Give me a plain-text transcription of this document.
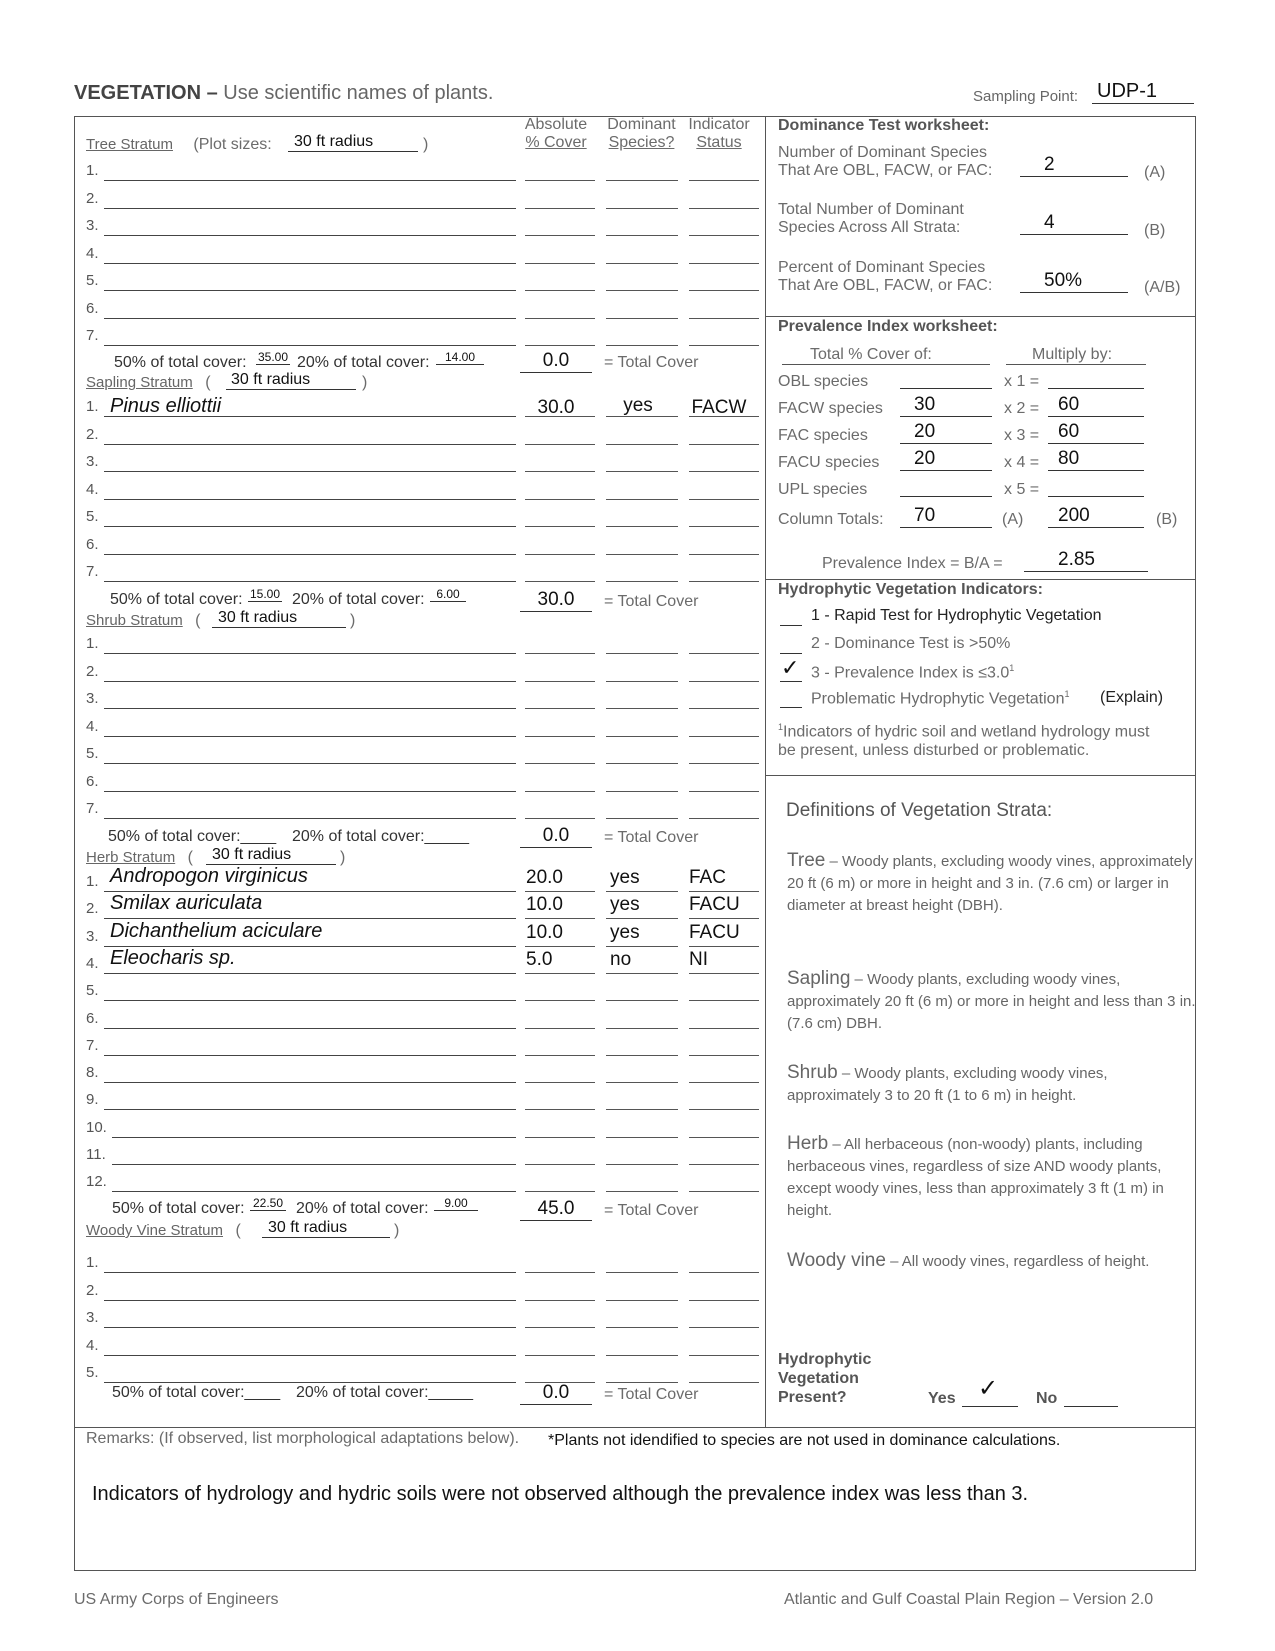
VEGETATION – Use scientific names of plants.	Sampling Point: UDP-1
Absolute
% Cover
Dominant
Species?
Indicator
Status
Tree Stratum (Plot sizes:	30 ft radius	)
1.
2.
3.
4.
5.
6.
7.
50% of total cover: 35.00 20% of total cover:	14.00	0.0	= Total Cover
Sapling Stratum (	30 ft radius	)
1.
2.
3.
4.
5.
6.
7.
Pinus elliottii	30.0	yes	FACW
50% of total cover: 15.00 20% of total cover: 6.00	30.0	= Total Cover
Shrub Stratum (	30 ft radius	)
1.
2.
3.
4.
5.
6.
7.
50% of total cover:____ 20% of total cover:_____	0.0	= Total Cover
Herb Stratum (	30 ft radius	)
1.
2.
3.
4.
5.
6.
7.
8.
9.
10.
11.
12.
Andropogon virginicus	20.0	yes	FAC
Smilax auriculata	10.0	yes	FACU
Dichanthelium aciculare	10.0	yes	FACU
Eleocharis sp.	5.0	no	NI
50% of total cover: 22.50 20% of total cover:	9.00	45.0	= Total Cover
Woody Vine Stratum (	30 ft radius	)
1.
2.
3.
4.
5.
50% of total cover:____ 20% of total cover:_____	0.0	= Total Cover
Dominance Test worksheet:
Number of Dominant Species
That Are OBL, FACW, or FAC:	2	(A)
Total Number of Dominant
Species Across All Strata:	4	(B)
Percent of Dominant Species
That Are OBL, FACW, or FAC:	50%	(A/B)
Prevalence Index worksheet:
Total % Cover of:	Multiply by:
OBL species	x 1 =
FACW species	30	x 2 = 60
FAC species	20	x 3 = 60
FACU species	20	x 4 = 80
UPL species	x 5 =
Column Totals:	70	(A)	200	(B)
Prevalence Index = B/A =	2.85
Hydrophytic Vegetation Indicators:
1 - Rapid Test for Hydrophytic Vegetation
2 - Dominance Test is >50%
✓ 3 - Prevalence Index is $\le 3.0^1$
Problematic Hydrophytic Vegetation$^1$ (Explain)
$^1$Indicators of hydric soil and wetland hydrology must
be present, unless disturbed or problematic.
Definitions of Vegetation Strata:
Tree – Woody plants, excluding woody vines, approximately 20 ft (6 m) or more in height and 3 in. (7.6 cm) or larger in diameter at breast height (DBH).
Sapling – Woody plants, excluding woody vines, approximately 20 ft (6 m) or more in height and less than 3 in. (7.6 cm) DBH.
Shrub – Woody plants, excluding woody vines, approximately 3 to 20 ft (1 to 6 m) in height.
Herb – All herbaceous (non-woody) plants, including herbaceous vines, regardless of size AND woody plants, except woody vines, less than approximately 3 ft (1 m) in height.
Woody vine – All woody vines, regardless of height.
Hydrophytic
Vegetation
Present?	Yes ✓ No
Remarks: (If observed, list morphological adaptations below). *Plants not idendified to species are not used in dominance calculations.
Indicators of hydrology and hydric soils were not observed although the prevalence index was less than 3.
US Army Corps of Engineers	Atlantic and Gulf Coastal Plain Region – Version 2.0
